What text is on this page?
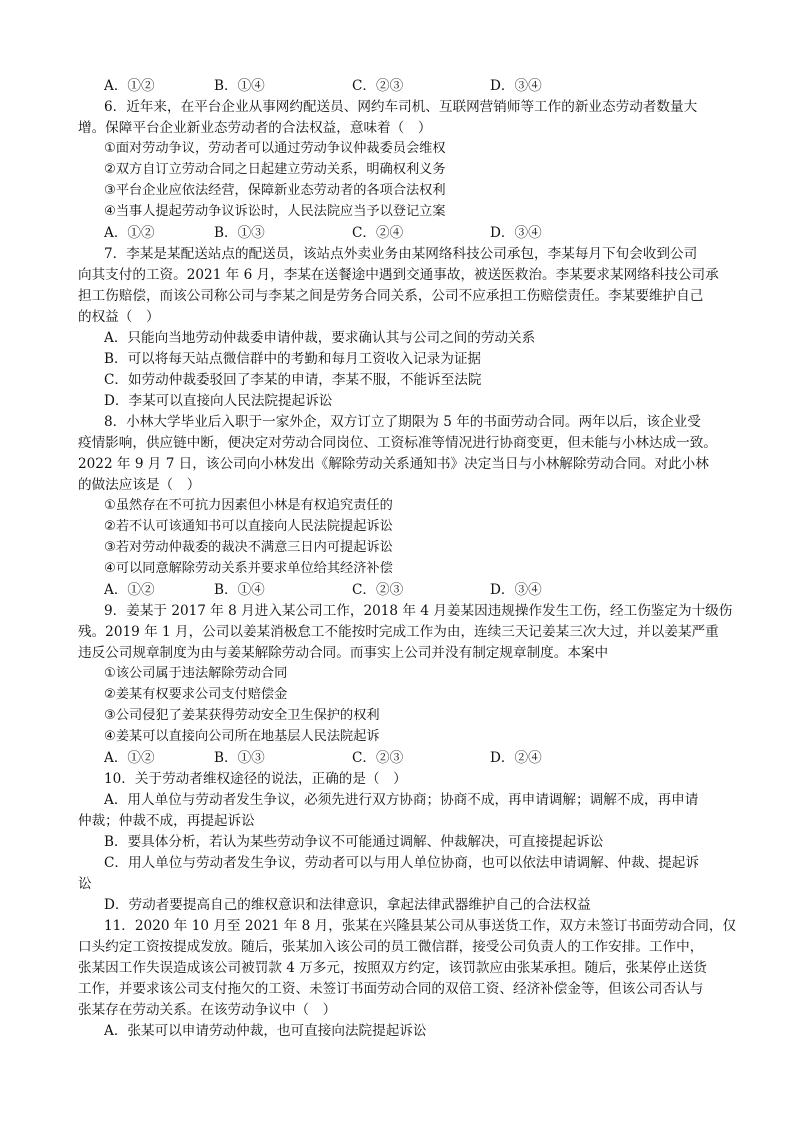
A．①②	B．①④	C．②③	D．③④
6．近年来，在平台企业从事网约配送员、网约车司机、互联网营销师等工作的新业态劳动者数量大
增。保障平台企业新业态劳动者的合法权益，意味着（　）
①面对劳动争议，劳动者可以通过劳动争议仲裁委员会维权
②双方自订立劳动合同之日起建立劳动关系，明确权利义务
③平台企业应依法经营，保障新业态劳动者的各项合法权利
④当事人提起劳动争议诉讼时，人民法院应当予以登记立案
A．①②	B．①③	C．②④	D．③④
7．李某是某配送站点的配送员，该站点外卖业务由某网络科技公司承包，李某每月下旬会收到公司
向其支付的工资。2021 年 6 月，李某在送餐途中遇到交通事故，被送医救治。李某要求某网络科技公司承
担工伤赔偿，而该公司称公司与李某之间是劳务合同关系，公司不应承担工伤赔偿责任。李某要维护自己
的权益（　）
A．只能向当地劳动仲裁委申请仲裁，要求确认其与公司之间的劳动关系
B．可以将每天站点微信群中的考勤和每月工资收入记录为证据
C．如劳动仲裁委驳回了李某的申请，李某不服，不能诉至法院
D．李某可以直接向人民法院提起诉讼
8．小林大学毕业后入职于一家外企，双方订立了期限为 5 年的书面劳动合同。两年以后，该企业受
疫情影响，供应链中断，便决定对劳动合同岗位、工资标准等情况进行协商变更，但未能与小林达成一致。
2022 年 9 月 7 日，该公司向小林发出《解除劳动关系通知书》决定当日与小林解除劳动合同。对此小林
的做法应该是（　）
①虽然存在不可抗力因素但小林是有权追究责任的
②若不认可该通知书可以直接向人民法院提起诉讼
③若对劳动仲裁委的裁决不满意三日内可提起诉讼
④可以同意解除劳动关系并要求单位给其经济补偿
A．①②	B．①④	C．②③	D．③④
9．姜某于 2017 年 8 月进入某公司工作，2018 年 4 月姜某因违规操作发生工伤，经工伤鉴定为十级伤
残。2019 年 1 月，公司以姜某消极怠工不能按时完成工作为由，连续三天记姜某三次大过，并以姜某严重
违反公司规章制度为由与姜某解除劳动合同。而事实上公司并没有制定规章制度。本案中
①该公司属于违法解除劳动合同
②姜某有权要求公司支付赔偿金
③公司侵犯了姜某获得劳动安全卫生保护的权利
④姜某可以直接向公司所在地基层人民法院起诉
A．①②	B．①③	C．②③	D．②④
10．关于劳动者维权途径的说法，正确的是（　）
A．用人单位与劳动者发生争议，必须先进行双方协商；协商不成，再申请调解；调解不成，再申请
仲裁；仲裁不成，再提起诉讼
B．要具体分析，若认为某些劳动争议不可能通过调解、仲裁解决，可直接提起诉讼
C．用人单位与劳动者发生争议，劳动者可以与用人单位协商，也可以依法申请调解、仲裁、提起诉
讼
D．劳动者要提高自己的维权意识和法律意识，拿起法律武器维护自己的合法权益
11．2020 年 10 月至 2021 年 8 月，张某在兴隆县某公司从事送货工作，双方未签订书面劳动合同，仅
口头约定工资按提成发放。随后，张某加入该公司的员工微信群，接受公司负责人的工作安排。工作中，
张某因工作失误造成该公司被罚款 4 万多元，按照双方约定，该罚款应由张某承担。随后，张某停止送货
工作，并要求该公司支付拖欠的工资、未签订书面劳动合同的双倍工资、经济补偿金等，但该公司否认与
张某存在劳动关系。在该劳动争议中（　）
A．张某可以申请劳动仲裁，也可直接向法院提起诉讼
